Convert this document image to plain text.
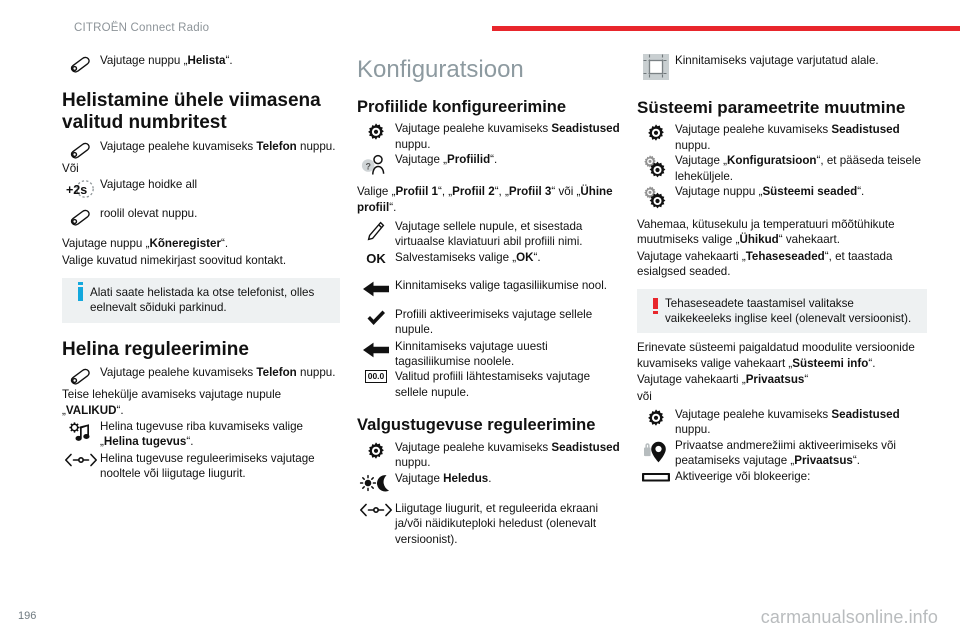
CITROËN Connect Radio
Vajutage nuppu „Helista“.
Helistamine ühele viimasena valitud numbritest
Vajutage pealehe kuvamiseks Telefon nuppu.

Või

+2s Vajutage hoidke all
roolil olevat nuppu.

Vajutage nuppu „Kõneregister“.

Valige kuvatud nimekirjast soovitud kontakt.

Alati saate helistada ka otse telefonist, olles eelnevalt sõiduki parkinud.
Helina reguleerimine
Vajutage pealehe kuvamiseks Telefon nuppu.

Teise lehekülje avamiseks vajutage nupule „VALIKUD“.

Helina tugevuse riba kuvamiseks valige „Helina tugevus“.
Helina tugevuse reguleerimiseks vajutage nooltele või liigutage liugurit.
Konfiguratsioon
Profiilide konfigureerimine
Vajutage pealehe kuvamiseks Seadistused nuppu.
?
Vajutage „Profiilid“.

Valige „Profiil 1“, „Profiil 2“, „Profiil 3“ või „Ühine profiil“.

Vajutage sellele nupule, et sisestada virtuaalse klaviatuuri abil profiili nimi.
OK Salvestamiseks valige „OK“.
Kinnitamiseks valige tagasiliikumise nool.
Profiili aktiveerimiseks vajutage sellele nupule.
Kinnitamiseks vajutage uuesti tagasiliikumise noolele.
00.0 Valitud profiili lähtestamiseks vajutage sellele nupule.
Valgustugevuse reguleerimine
Vajutage pealehe kuvamiseks Seadistused nuppu.
Vajutage Heledus.
Liigutage liugurit, et reguleerida ekraani ja/või näidikuteploki heledust (olenevalt versioonist).
Kinnitamiseks vajutage varjutatud alale.
Süsteemi parameetrite muutmine
Vajutage pealehe kuvamiseks Seadistused nuppu.
Vajutage „Konfiguratsioon“, et pääseda teisele leheküljele.
Vajutage nuppu „Süsteemi seaded“.

Vahemaa, kütusekulu ja temperatuuri mõõtühikute muutmiseks valige „Ühikud“ vahekaart.

Vajutage vahekaarti „Tehaseseaded“, et taastada esialgsed seaded.

Tehaseseadete taastamisel valitakse vaikekeeleks inglise keel (olenevalt versioonist).

Erinevate süsteemi paigaldatud moodulite versioonide kuvamiseks valige vahekaart „Süsteemi info“.

Vajutage vahekaarti „Privaatsus“

või

Vajutage pealehe kuvamiseks Seadistused nuppu.
Privaatse andmerežiimi aktiveerimiseks või peatamiseks vajutage „Privaatsus“.
Aktiveerige või blokeerige:
196	carmanualsonline.info
